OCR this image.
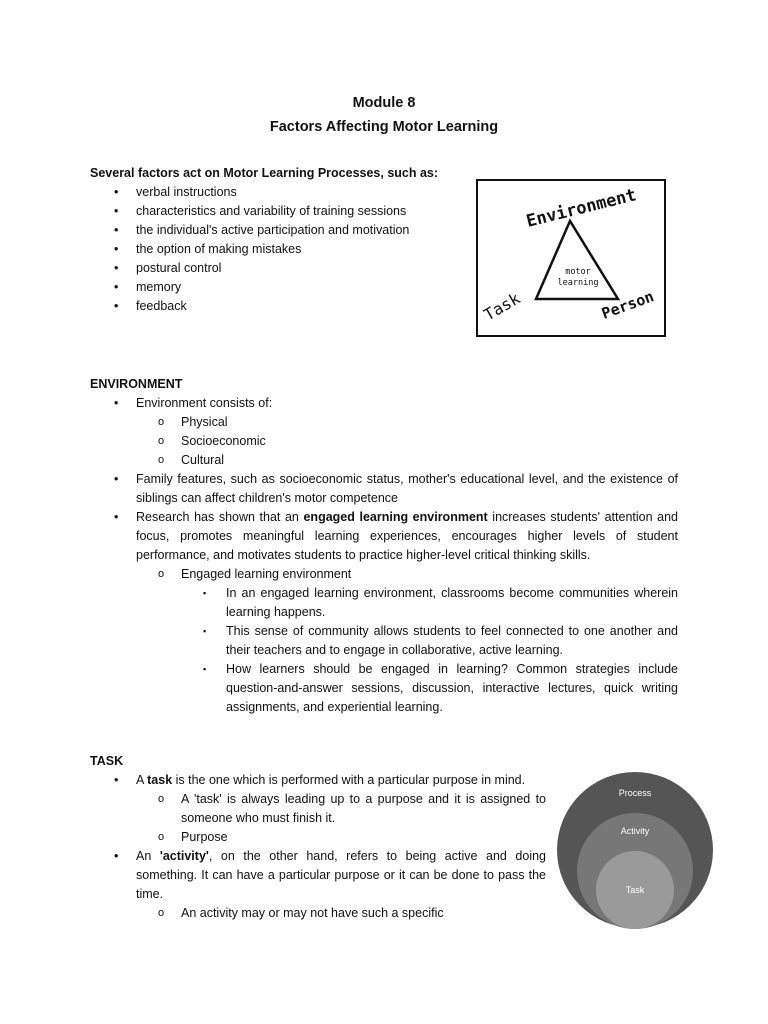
Module 8
Factors Affecting Motor Learning
Several factors act on Motor Learning Processes, such as:
• verbal instructions
• characteristics and variability of training sessions
• the individual's active participation and motivation
• the option of making mistakes
• postural control
• memory
• feedback
Environment
Task	Person
motor
learning
ENVIRONMENT
• Environment consists of:
o Physical
o Socioeconomic
o Cultural
• Family features, such as socioeconomic status, mother's educational level, and the existence of siblings can affect children's motor competence
• Research has shown that an engaged learning environment increases students' attention and focus, promotes meaningful learning experiences, encourages higher levels of student performance, and motivates students to practice higher-level critical thinking skills.
o Engaged learning environment
▪ In an engaged learning environment, classrooms become communities wherein learning happens.
▪ This sense of community allows students to feel connected to one another and their teachers and to engage in collaborative, active learning.
▪ How learners should be engaged in learning? Common strategies include question-and-answer sessions, discussion, interactive lectures, quick writing assignments, and experiential learning.
TASK
• A task is the one which is performed with a particular purpose in mind.
o A 'task' is always leading up to a purpose and it is assigned to someone who must finish it.
o Purpose
• An 'activity', on the other hand, refers to being active and doing something. It can have a particular purpose or it can be done to pass the time.
o An activity may or may not have such a specific
Process
Activity
Task
